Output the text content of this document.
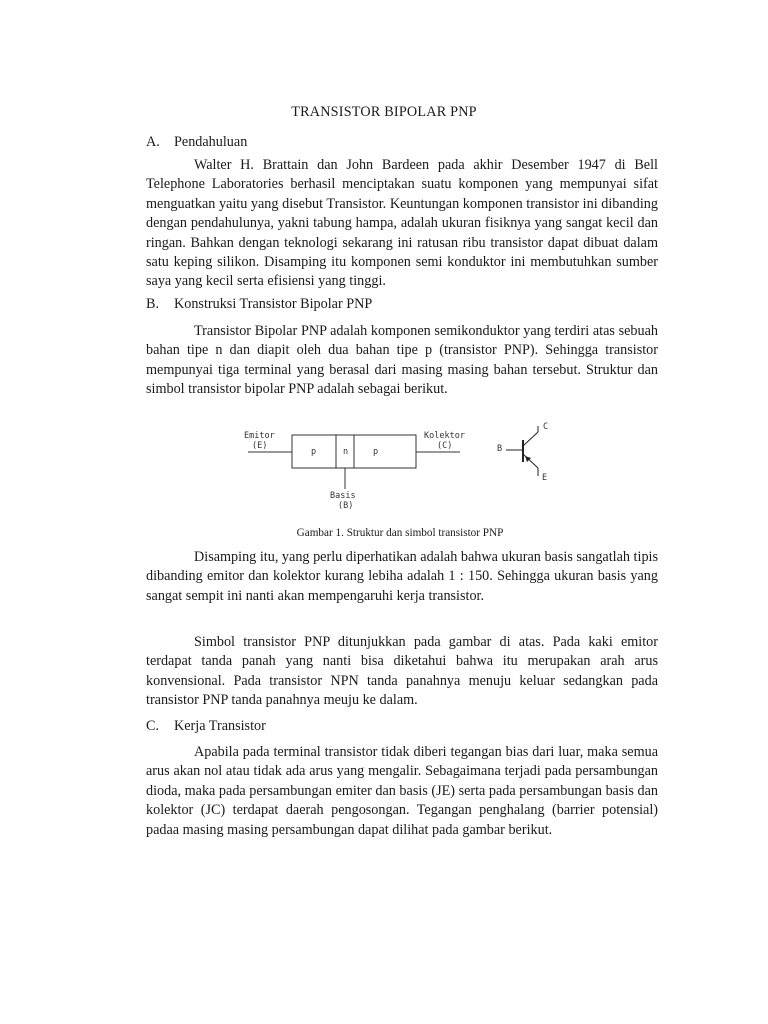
TRANSISTOR BIPOLAR PNP
A. Pendahuluan

Walter H. Brattain dan John Bardeen pada akhir Desember 1947 di Bell Telephone Laboratories berhasil menciptakan suatu komponen yang mempunyai sifat menguatkan yaitu yang disebut Transistor. Keuntungan komponen transistor ini dibanding dengan pendahulunya, yakni tabung hampa, adalah ukuran fisiknya yang sangat kecil dan ringan. Bahkan dengan teknologi sekarang ini ratusan ribu transistor dapat dibuat dalam satu keping silikon. Disamping itu komponen semi konduktor ini membutuhkan sumber saya yang kecil serta efisiensi yang tinggi.

B. Konstruksi Transistor Bipolar PNP

Transistor Bipolar PNP adalah komponen semikonduktor yang terdiri atas sebuah bahan tipe n dan diapit oleh dua bahan tipe p (transistor PNP). Sehingga transistor mempunyai tiga terminal yang berasal dari masing masing bahan tersebut. Struktur dan simbol transistor bipolar PNP adalah sebagai berikut.

Emitor
(E)
Kolektor
(C)
p	n	p
Basis
(B)
B
C
E
Gambar 1. Struktur dan simbol transistor PNP

Disamping itu, yang perlu diperhatikan adalah bahwa ukuran basis sangatlah tipis dibanding emitor dan kolektor kurang lebiha adalah 1 : 150. Sehingga ukuran basis yang sangat sempit ini nanti akan mempengaruhi kerja transistor.

Simbol transistor PNP ditunjukkan pada gambar di atas. Pada kaki emitor terdapat tanda panah yang nanti bisa diketahui bahwa itu merupakan arah arus konvensional. Pada transistor NPN tanda panahnya menuju keluar sedangkan pada transistor PNP tanda panahnya meuju ke dalam.

C. Kerja Transistor

Apabila pada terminal transistor tidak diberi tegangan bias dari luar, maka semua arus akan nol atau tidak ada arus yang mengalir. Sebagaimana terjadi pada persambungan dioda, maka pada persambungan emiter dan basis (JE) serta pada persambungan basis dan kolektor (JC) terdapat daerah pengosongan. Tegangan penghalang (barrier potensial) padaa masing masing persambungan dapat dilihat pada gambar berikut.
